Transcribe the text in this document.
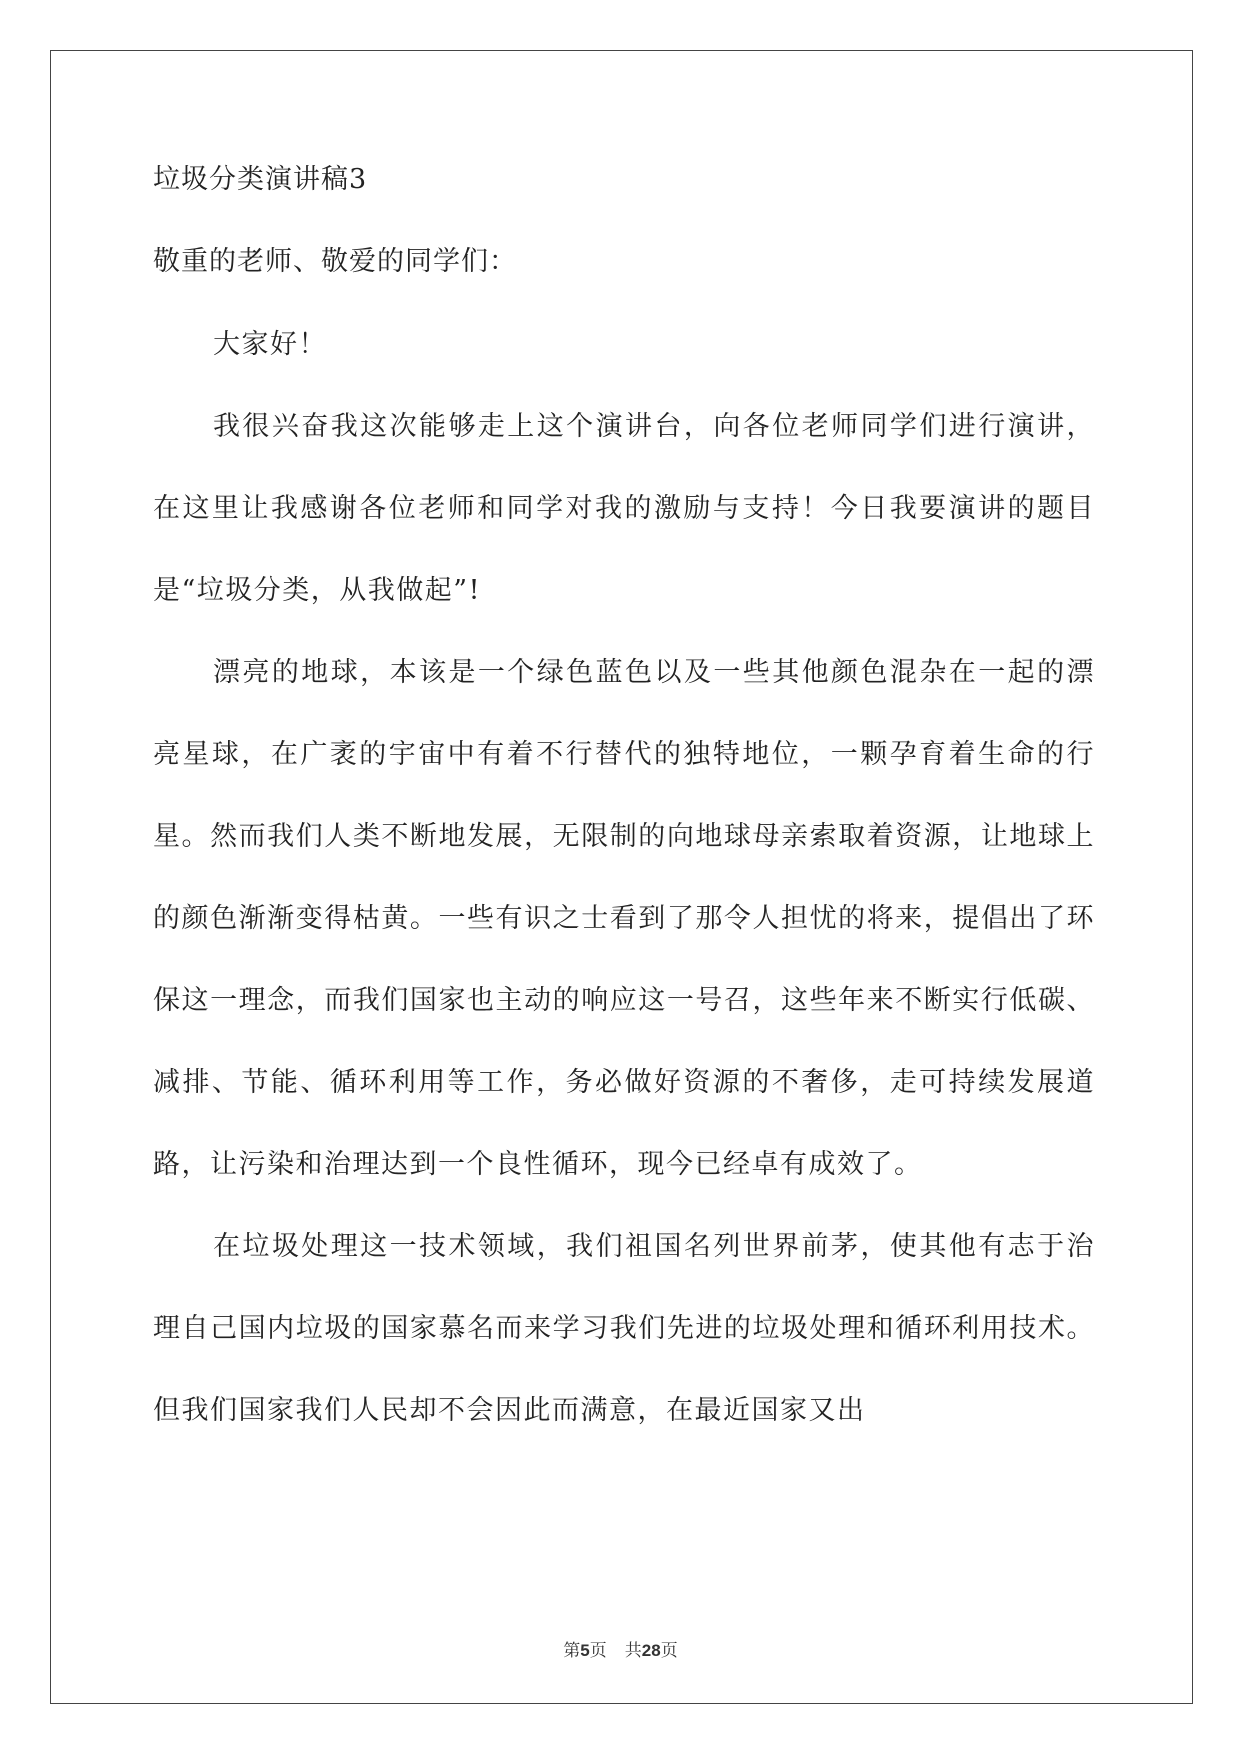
垃圾分类演讲稿3
敬重的老师、敬爱的同学们：

大家好！

我很兴奋我这次能够走上这个演讲台，向各位老师同学们进行演讲，在这里让我感谢各位老师和同学对我的激励与支持！今日我要演讲的题目是“垃圾分类，从我做起”!

漂亮的地球，本该是一个绿色蓝色以及一些其他颜色混杂在一起的漂亮星球，在广袤的宇宙中有着不行替代的独特地位，一颗孕育着生命的行星。然而我们人类不断地发展，无限制的向地球母亲索取着资源，让地球上的颜色渐渐变得枯黄。一些有识之士看到了那令人担忧的将来，提倡出了环保这一理念，而我们国家也主动的响应这一号召，这些年来不断实行低碳、减排、节能、循环利用等工作，务必做好资源的不奢侈，走可持续发展道路，让污染和治理达到一个良性循环，现今已经卓有成效了。

在垃圾处理这一技术领域，我们祖国名列世界前茅，使其他有志于治理自己国内垃圾的国家慕名而来学习我们先进的垃圾处理和循环利用技术。但我们国家我们人民却不会因此而满意，在最近国家又出

第5页 共28页
